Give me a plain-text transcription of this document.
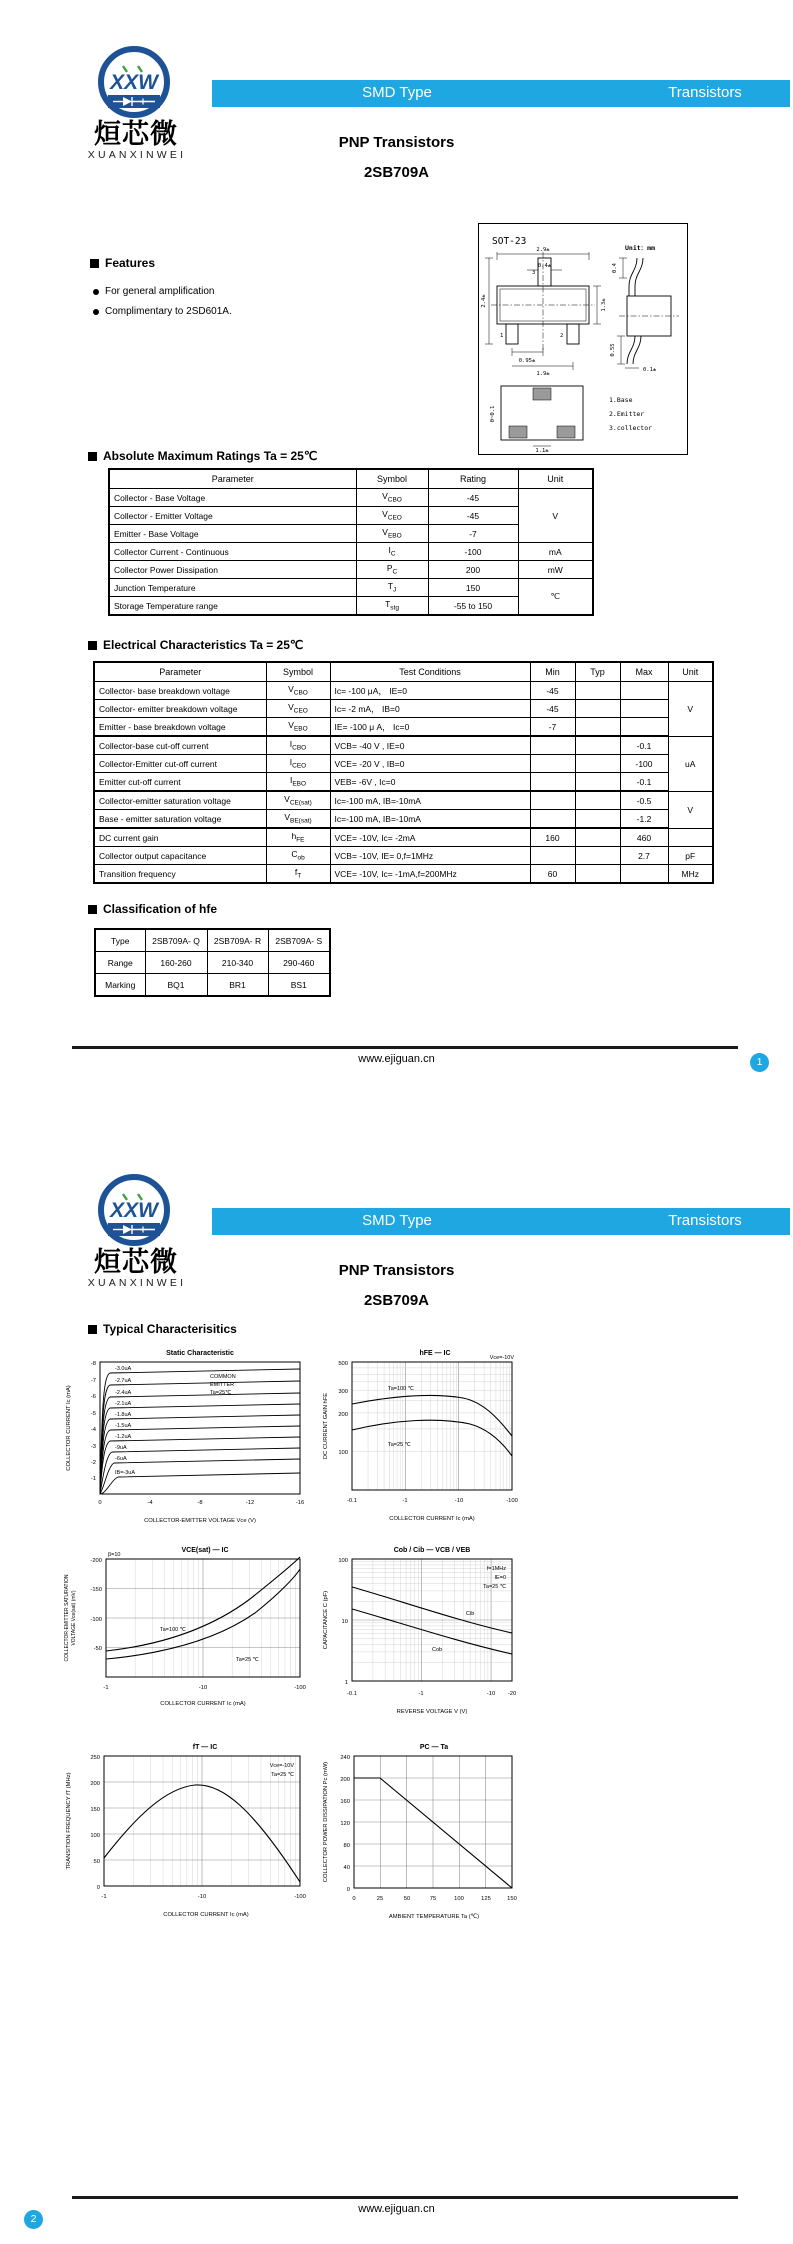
XXW
烜芯微
XUANXINWEI
SMD Type	Transistors
PNP Transistors
2SB709A
Features
For general amplification
Complimentary to 2SD601A.
SOT-23
Unit：mm
2.9±
0.4±
3
2.4±	1.3±
0.95±
1.9±
1	2
0.4
0.55
0.1±
1.1±
0~0.1
1.Base
2.Emitter
3.collector
Absolute Maximum Ratings Ta = 25℃
Parameter	Symbol	Rating	Unit
Collector - Base Voltage	$V_{CBO}$	-45	V
Collector - Emitter Voltage	$V_{CEO}$	-45	
Emitter - Base Voltage	$V_{EBO}$	-7	
Collector Current - Continuous	$I_C$	-100	mA
Collector Power Dissipation	$P_C$	200	mW
Junction Temperature	$T_J$	150	℃
Storage Temperature range	$T_{stg}$	-55 to 150	
Electrical Characteristics Ta = 25℃
Parameter	Symbol	Test Conditions	Min	Typ	Max	Unit
Collector- base breakdown voltage	$V_{CBO}$	Ic= -100 μA， IE=0	-45			V
Collector- emitter breakdown voltage	$V_{CEO}$	Ic= -2 mA， IB=0	-45			
Emitter - base breakdown voltage	$V_{EBO}$	IE= -100 μ A， Ic=0	-7			
Collector-base cut-off current	$I_{CBO}$	VCB= -40 V , IE=0			-0.1	uA
Collector-Emitter cut-off current	$I_{CEO}$	VCE= -20 V , IB=0			-100	
Emitter cut-off current	$I_{EBO}$	VEB= -6V , Ic=0			-0.1	
Collector-emitter saturation voltage	$V_{CE(sat)}$	Ic=-100 mA, IB=-10mA			-0.5	V
Base - emitter saturation voltage	$V_{BE(sat)}$	Ic=-100 mA, IB=-10mA			-1.2	
DC current gain	$h_{FE}$	VCE= -10V, Ic= -2mA	160		460	
Collector output capacitance	$C_{ob}$	VCB= -10V, IE= 0,f=1MHz			2.7	pF
Transition frequency	$f_T$	VCE= -10V, Ic= -1mA,f=200MHz	60			MHz
Classification of hfe
Type	2SB709A- Q	2SB709A- R	2SB709A- S
Range	160-260	210-340	290-460
Marking	BQ1	BR1	BS1
www.ejiguan.cn	1
XXW
烜芯微
XUANXINWEI
SMD Type	Transistors
PNP Transistors
2SB709A
Typical Characterisitics
Static Characteristic
-3.0uA
-2.7uA
-2.4uA
-2.1uA
-1.8uA
-1.5uA
-1.2uA
-9uA
-6uA
IB=-3uA
COMMON
EMITTER
Ta=25℃
-8
-7
-6
-5
-4
-3
-2
-1
0	-4	-8	-12	-16
COLLECTOR-EMITTER VOLTAGE Vce (V)
COLLECTOR CURRENT Ic (mA)
hFE ― IC
Ta=100 ℃
Ta=25 ℃
Vce=-10V
500
300
200
100
-0.1	-1	-10	-100
COLLECTOR CURRENT Ic (mA)
DC CURRENT GAIN hFE
VCE(sat) ― IC
Ta=100 ℃
Ta=25 ℃
β=10
-200
-150
-100
-50
-1	-10	-100
COLLECTOR CURRENT Ic (mA)
COLLECTOR-EMITTER SATURATION VOLTAGE Vce(sat) (mV)
Cob / Cib ― VCB / VEB
Cib
Cob
f=1MHz
IE=0
Ta=25 ℃
100
10
1
-0.1	-1	-10 -20
REVERSE VOLTAGE V (V)
CAPACITANCE C (pF)
fT ― IC
Vce=-10V
Ta=25 ℃
250
200
150
100
50
0
-1	-10	-100
COLLECTOR CURRENT Ic (mA)
TRANSITION FREQUENCY fT (MHz)
PC ― Ta
240
200
160
120
80
40
0
0	25	50	75	100	125	150
AMBIENT TEMPERATURE Ta (℃)
COLLECTOR POWER DISSIPATION Pc (mW)
www.ejiguan.cn
2
